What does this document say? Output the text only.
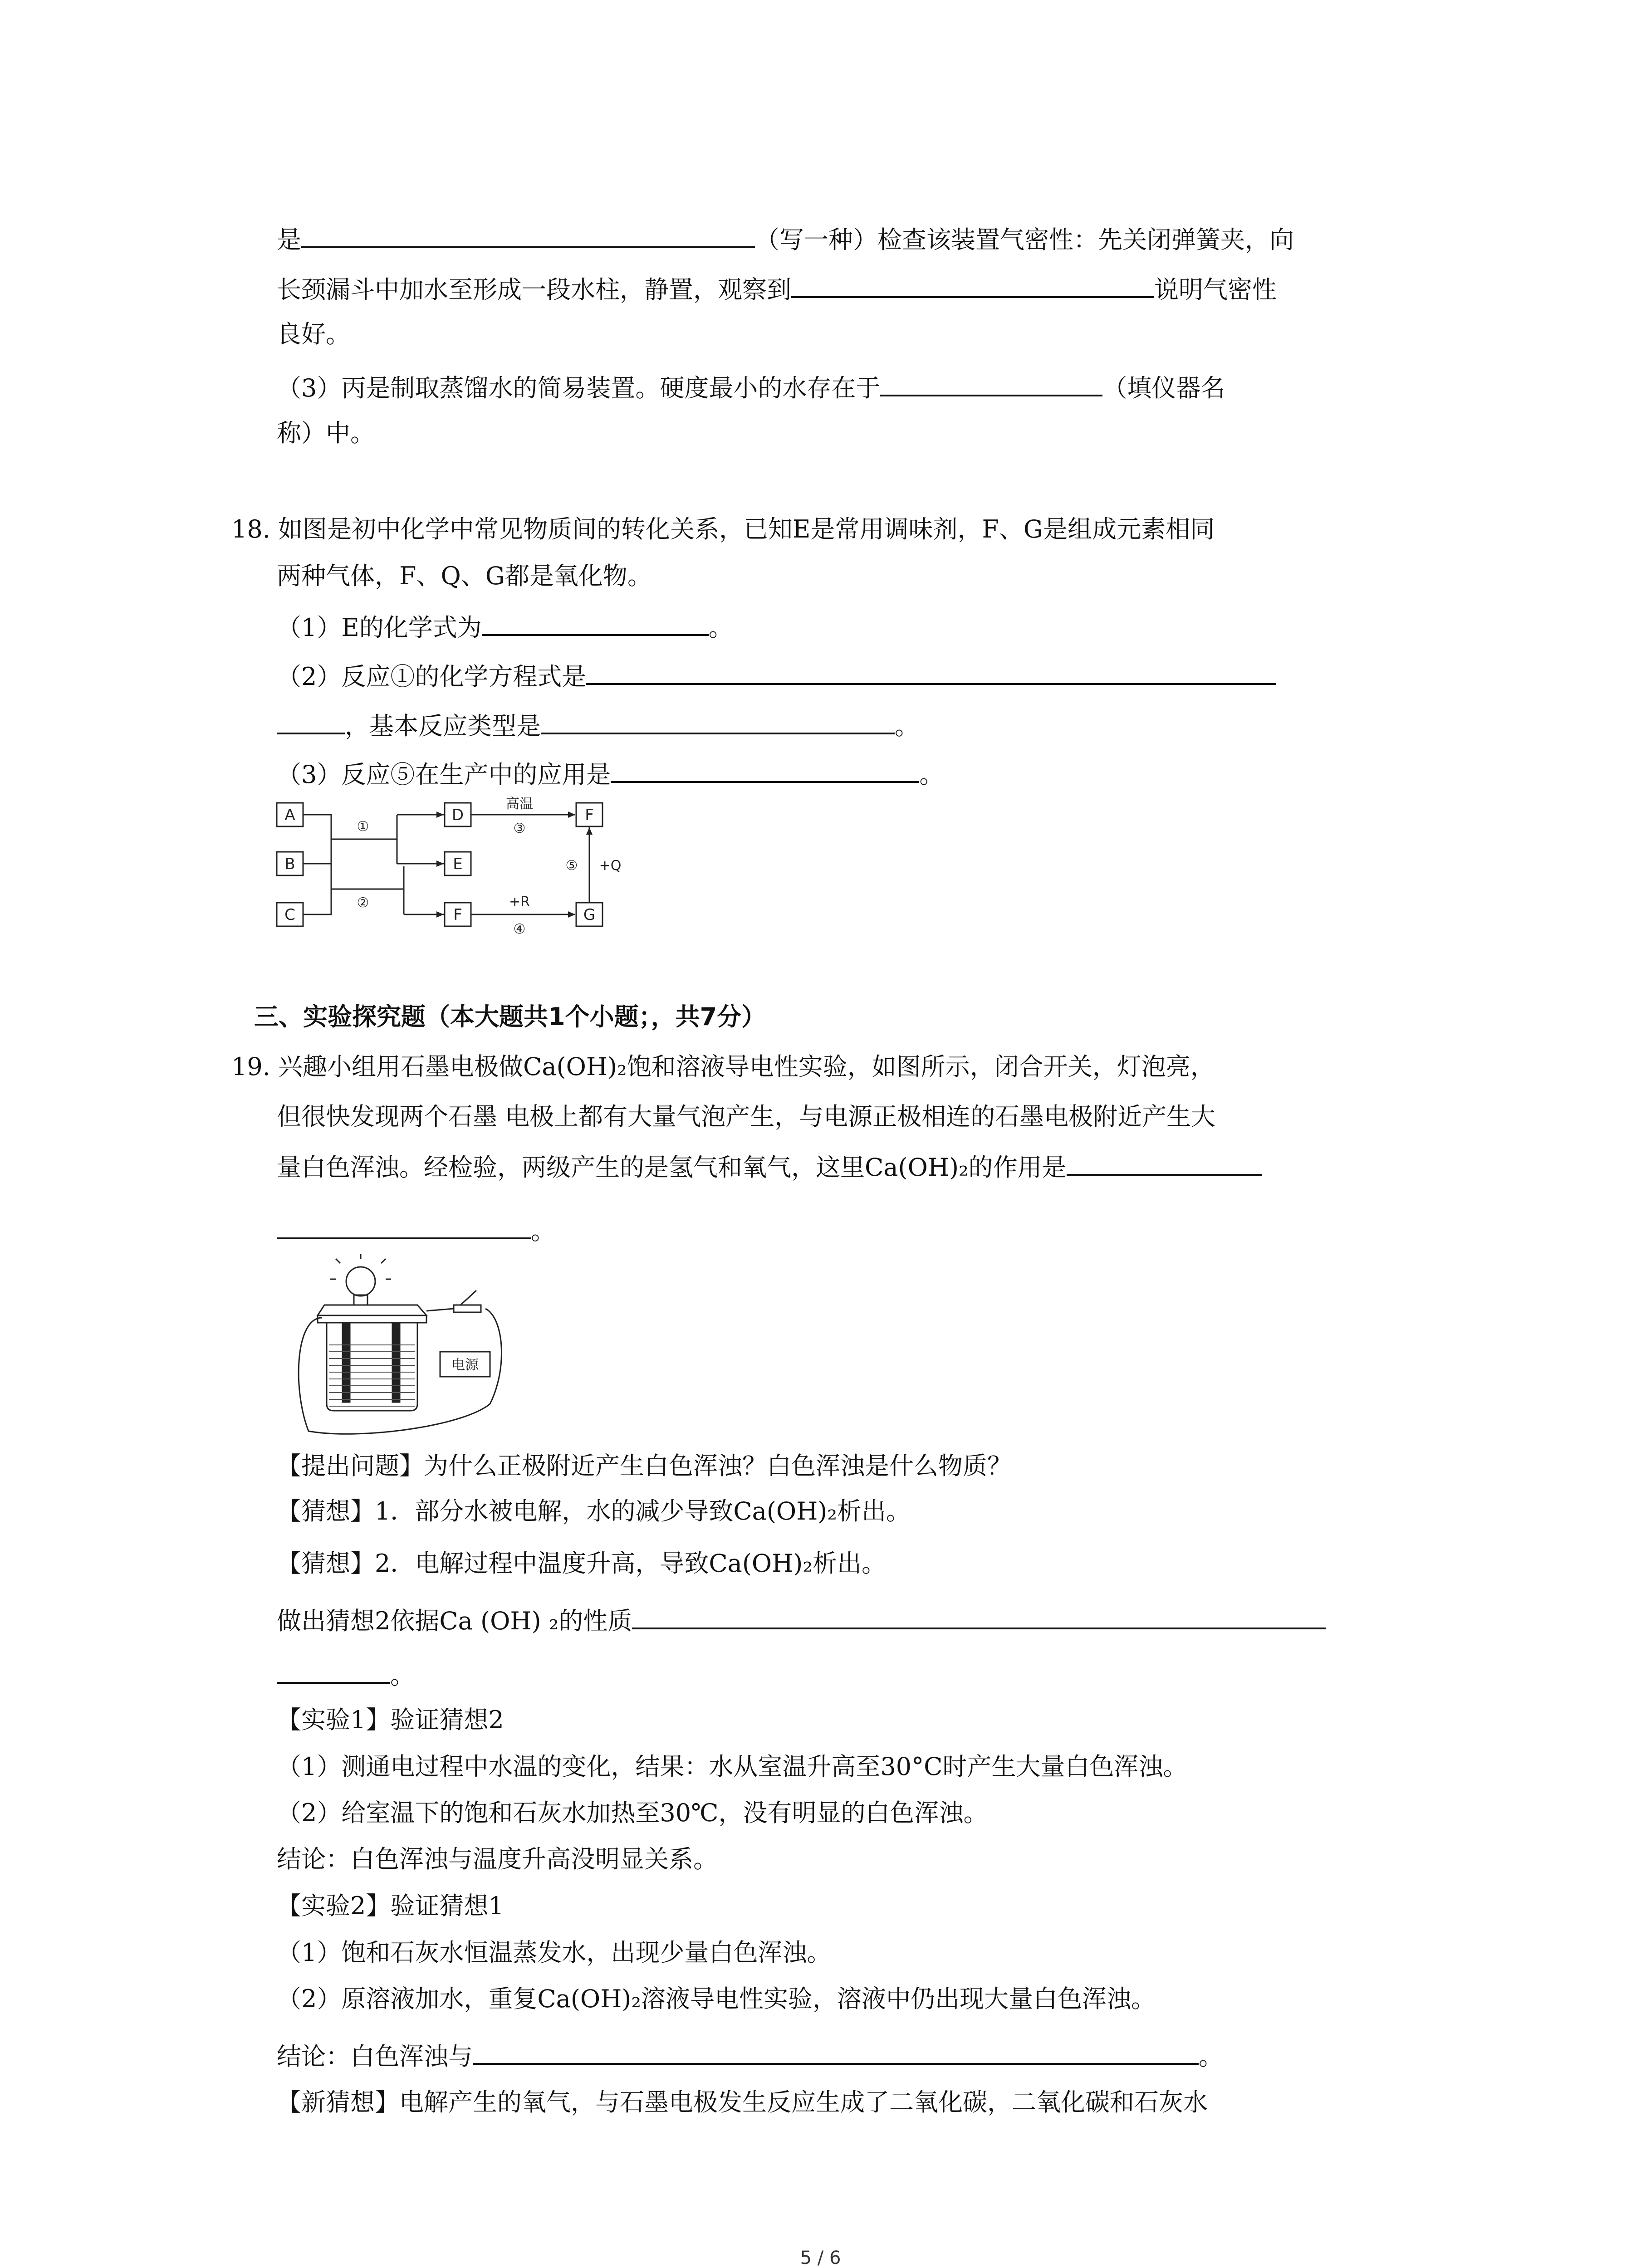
是	（写一种）检查该装置气密性：先关闭弹簧夹，向
长颈漏斗中加水至形成一段水柱，静置，观察到	说明气密性
良好。
（3）丙是制取蒸馏水的简易装置。硬度最小的水存在于	（填仪器名
称）中。
18. 如图是初中化学中常见物质间的转化关系，已知E是常用调味剂，F、G是组成元素相同
两种气体，F、Q、G都是氧化物。
（1）E的化学式为	。
（2）反应①的化学方程式是
，基本反应类型是	。
（3）反应⑤在生产中的应用是	。
A
B
C
D
E
F
F	G
高温
③
①
②	+R
④
⑤ +Q
三、实验探究题（本大题共1个小题；，共7分）
19. 兴趣小组用石墨电极做Ca(OH)₂饱和溶液导电性实验，如图所示，闭合开关，灯泡亮，
但很快发现两个石墨 电极上都有大量气泡产生，与电源正极相连的石墨电极附近产生大
量白色浑浊。经检验，两级产生的是氢气和氧气，这里Ca(OH)₂的作用是
。
电源
【提出问题】为什么正极附近产生白色浑浊？白色浑浊是什么物质？
【猜想】1．部分水被电解，水的减少导致Ca(OH)₂析出。
【猜想】2．电解过程中温度升高，导致Ca(OH)₂析出。
做出猜想2依据Ca (OH) ₂的性质
。
【实验1】验证猜想2
（1）测通电过程中水温的变化，结果：水从室温升高至30°C时产生大量白色浑浊。
（2）给室温下的饱和石灰水加热至30℃，没有明显的白色浑浊。
结论：白色浑浊与温度升高没明显关系。
【实验2】验证猜想1
（1）饱和石灰水恒温蒸发水，出现少量白色浑浊。
（2）原溶液加水，重复Ca(OH)₂溶液导电性实验，溶液中仍出现大量白色浑浊。
结论：白色浑浊与	。
【新猜想】电解产生的氧气，与石墨电极发生反应生成了二氧化碳，二氧化碳和石灰水
5 / 6
